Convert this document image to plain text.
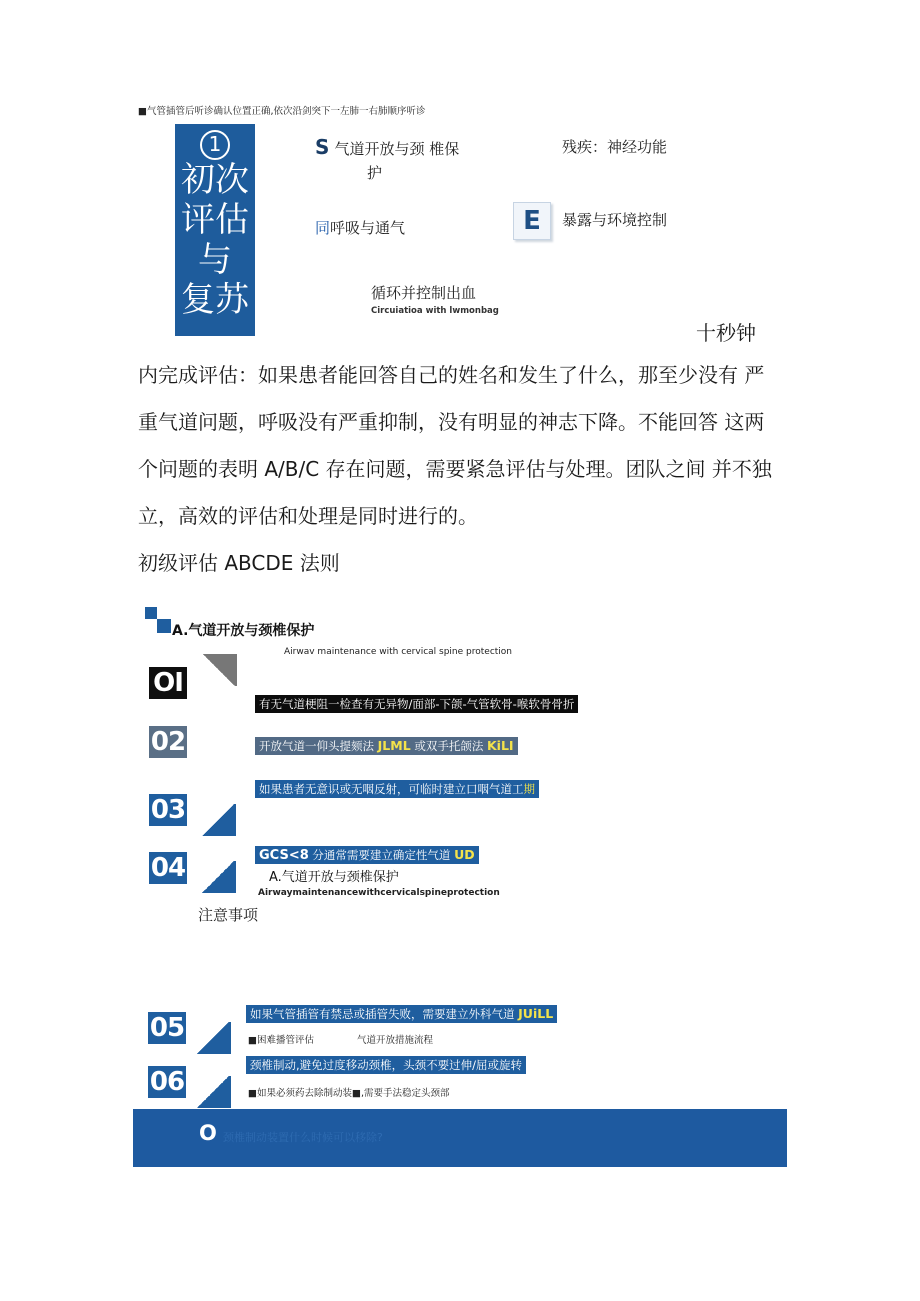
■气管插管后听诊确认位置正确,依次沿剑突下一左肺一右肺顺序听诊
1
初次
评估
与
复苏
S 气道开放与颈 椎保
护
同呼吸与通气
循环并控制出血
Circuiatioa with lwmonbag
残疾：神经功能
E	暴露与环境控制
十秒钟
内完成评估：如果患者能回答自己的姓名和发生了什么，那至少没有 严
重气道问题，呼吸没有严重抑制，没有明显的神志下降。不能回答 这两
个问题的表明 A/B/C 存在问题，需要紧急评估与处理。团队之间 并不独
立，高效的评估和处理是同时进行的。
初级评估 ABCDE 法则
A.气道开放与颈椎保护
Airwav maintenance with cervical spine protection
OI
有无气道梗阻一检查有无异物/面部-下颌-气管软骨-喉软骨骨折
02	开放气道一仰头提颏法 JLML 或双手托颌法 KiLI
如果患者无意识或无咽反射，可临时建立口咽气道工期
03
GCS<8 分通常需要建立确定性气道 UD
04	A.气道开放与颈椎保护
Airwaymaintenancewithcervicalspineprotection
注意事项
如果气管插管有禁忌或插管失败，需要建立外科气道 JUiLL
05	■困难播管评估	气道开放措施流程
颈椎制动,避免过度移动颈椎，头颈不要过伸/屈或旋转
06	■如果必须药去除制动装■,需要手法稳定头颈部
O 颈椎制动装置什么时候可以移除?
